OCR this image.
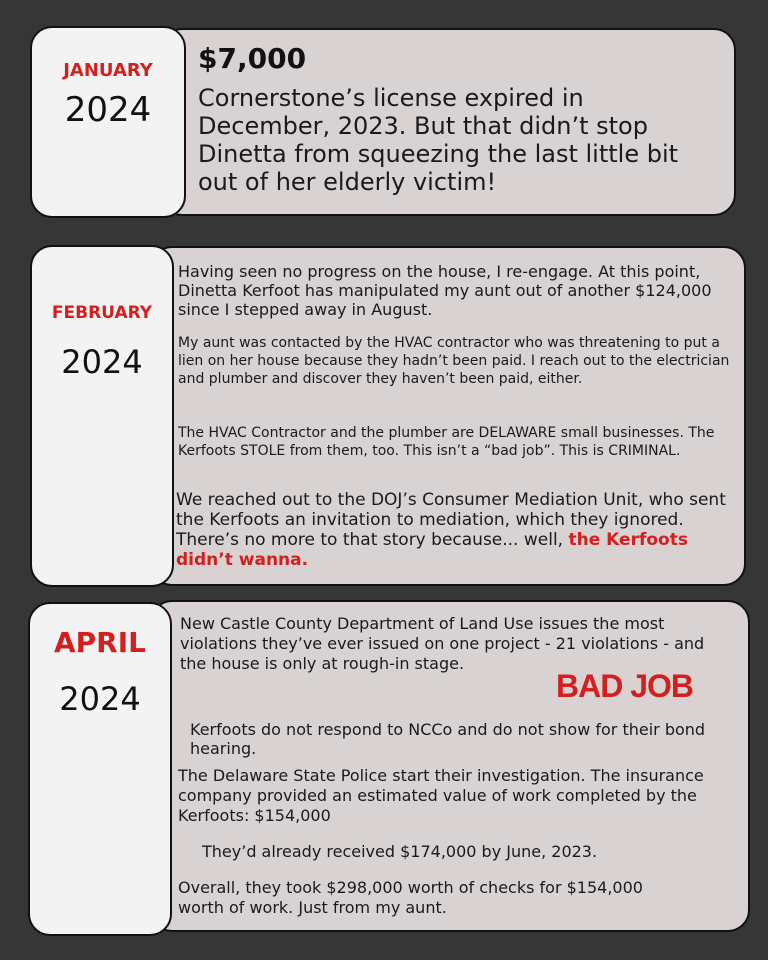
$7,000
Cornerstone’s license expired in December, 2023. But that didn’t stop Dinetta from squeezing the last little bit out of her elderly victim!
JANUARY
2024
Having seen no progress on the house, I re-engage. At this point, Dinetta Kerfoot has manipulated my aunt out of another $124,000 since I stepped away in August.
My aunt was contacted by the HVAC contractor who was threatening to put a lien on her house because they hadn’t been paid. I reach out to the electrician and plumber and discover they haven’t been paid, either.
The HVAC Contractor and the plumber are DELAWARE small businesses. The Kerfoots STOLE from them, too. This isn’t a “bad job”. This is CRIMINAL.
We reached out to the DOJ’s Consumer Mediation Unit, who sent the Kerfoots an invitation to mediation, which they ignored. There’s no more to that story because... well, the Kerfoots didn’t wanna.
FEBRUARY
2024
New Castle County Department of Land Use issues the most violations they’ve ever issued on one project - 21 violations - and the house is only at rough-in stage.
BAD JOB
Kerfoots do not respond to NCCo and do not show for their bond hearing.
The Delaware State Police start their investigation. The insurance company provided an estimated value of work completed by the Kerfoots: $154,000
They’d already received $174,000 by June, 2023.
Overall, they took $298,000 worth of checks for $154,000 worth of work. Just from my aunt.
APRIL
2024
